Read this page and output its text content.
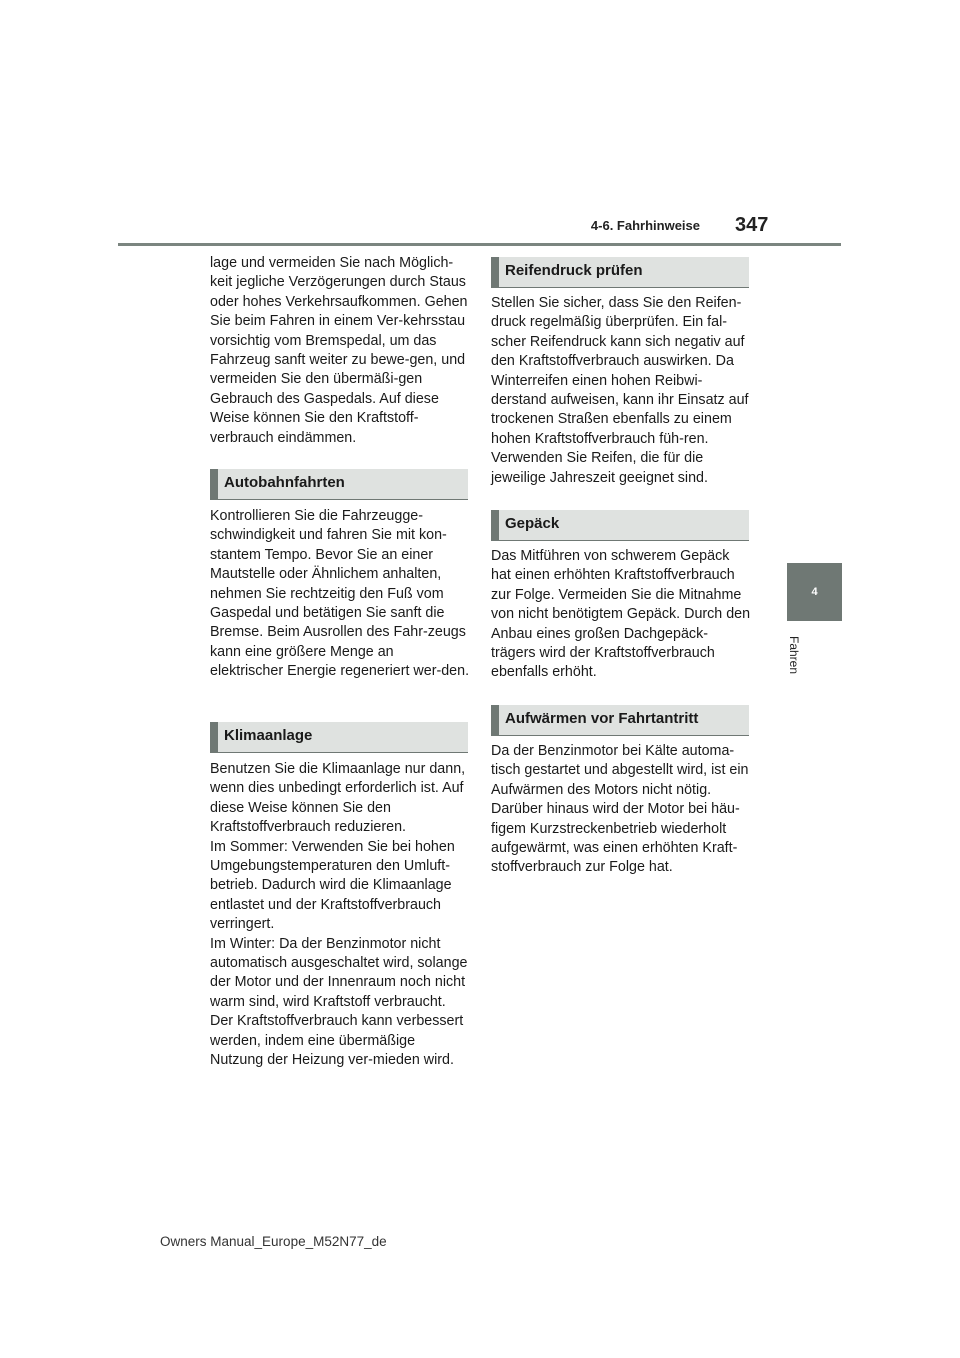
4-6. Fahrhinweise 347
4
Fahren

lage und vermeiden Sie nach Möglich-keit jegliche Verzögerungen durch Staus oder hohes Verkehrsaufkommen. Gehen Sie beim Fahren in einem Ver-kehrsstau vorsichtig vom Bremspedal, um das Fahrzeug sanft weiter zu bewe-gen, und vermeiden Sie den übermäßi-gen Gebrauch des Gaspedals. Auf diese Weise können Sie den Kraftstoff-verbrauch eindämmen.

Autobahnfahrten

Kontrollieren Sie die Fahrzeugge-schwindigkeit und fahren Sie mit kon-stantem Tempo. Bevor Sie an einer Mautstelle oder Ähnlichem anhalten, nehmen Sie rechtzeitig den Fuß vom Gaspedal und betätigen Sie sanft die Bremse. Beim Ausrollen des Fahr-zeugs kann eine größere Menge an elektrischer Energie regeneriert wer-den.

Klimaanlage

Benutzen Sie die Klimaanlage nur dann, wenn dies unbedingt erforderlich ist. Auf diese Weise können Sie den Kraftstoffverbrauch reduzieren.
Im Sommer: Verwenden Sie bei hohen Umgebungstemperaturen den Umluft-betrieb. Dadurch wird die Klimaanlage entlastet und der Kraftstoffverbrauch verringert.
Im Winter: Da der Benzinmotor nicht automatisch ausgeschaltet wird, solange der Motor und der Innenraum noch nicht warm sind, wird Kraftstoff verbraucht. Der Kraftstoffverbrauch kann verbessert werden, indem eine übermäßige Nutzung der Heizung ver-mieden wird.

Reifendruck prüfen

Stellen Sie sicher, dass Sie den Reifen-druck regelmäßig überprüfen. Ein fal-scher Reifendruck kann sich negativ auf den Kraftstoffverbrauch auswirken. Da Winterreifen einen hohen Reibwi-derstand aufweisen, kann ihr Einsatz auf trockenen Straßen ebenfalls zu einem hohen Kraftstoffverbrauch füh-ren. Verwenden Sie Reifen, die für die jeweilige Jahreszeit geeignet sind.

Gepäck

Das Mitführen von schwerem Gepäck hat einen erhöhten Kraftstoffverbrauch zur Folge. Vermeiden Sie die Mitnahme von nicht benötigtem Gepäck. Durch den Anbau eines großen Dachgepäck-trägers wird der Kraftstoffverbrauch ebenfalls erhöht.

Aufwärmen vor Fahrtantritt

Da der Benzinmotor bei Kälte automa-tisch gestartet und abgestellt wird, ist ein Aufwärmen des Motors nicht nötig. Darüber hinaus wird der Motor bei häu-figem Kurzstreckenbetrieb wiederholt aufgewärmt, was einen erhöhten Kraft-stoffverbrauch zur Folge hat.

Owners Manual_Europe_M52N77_de
